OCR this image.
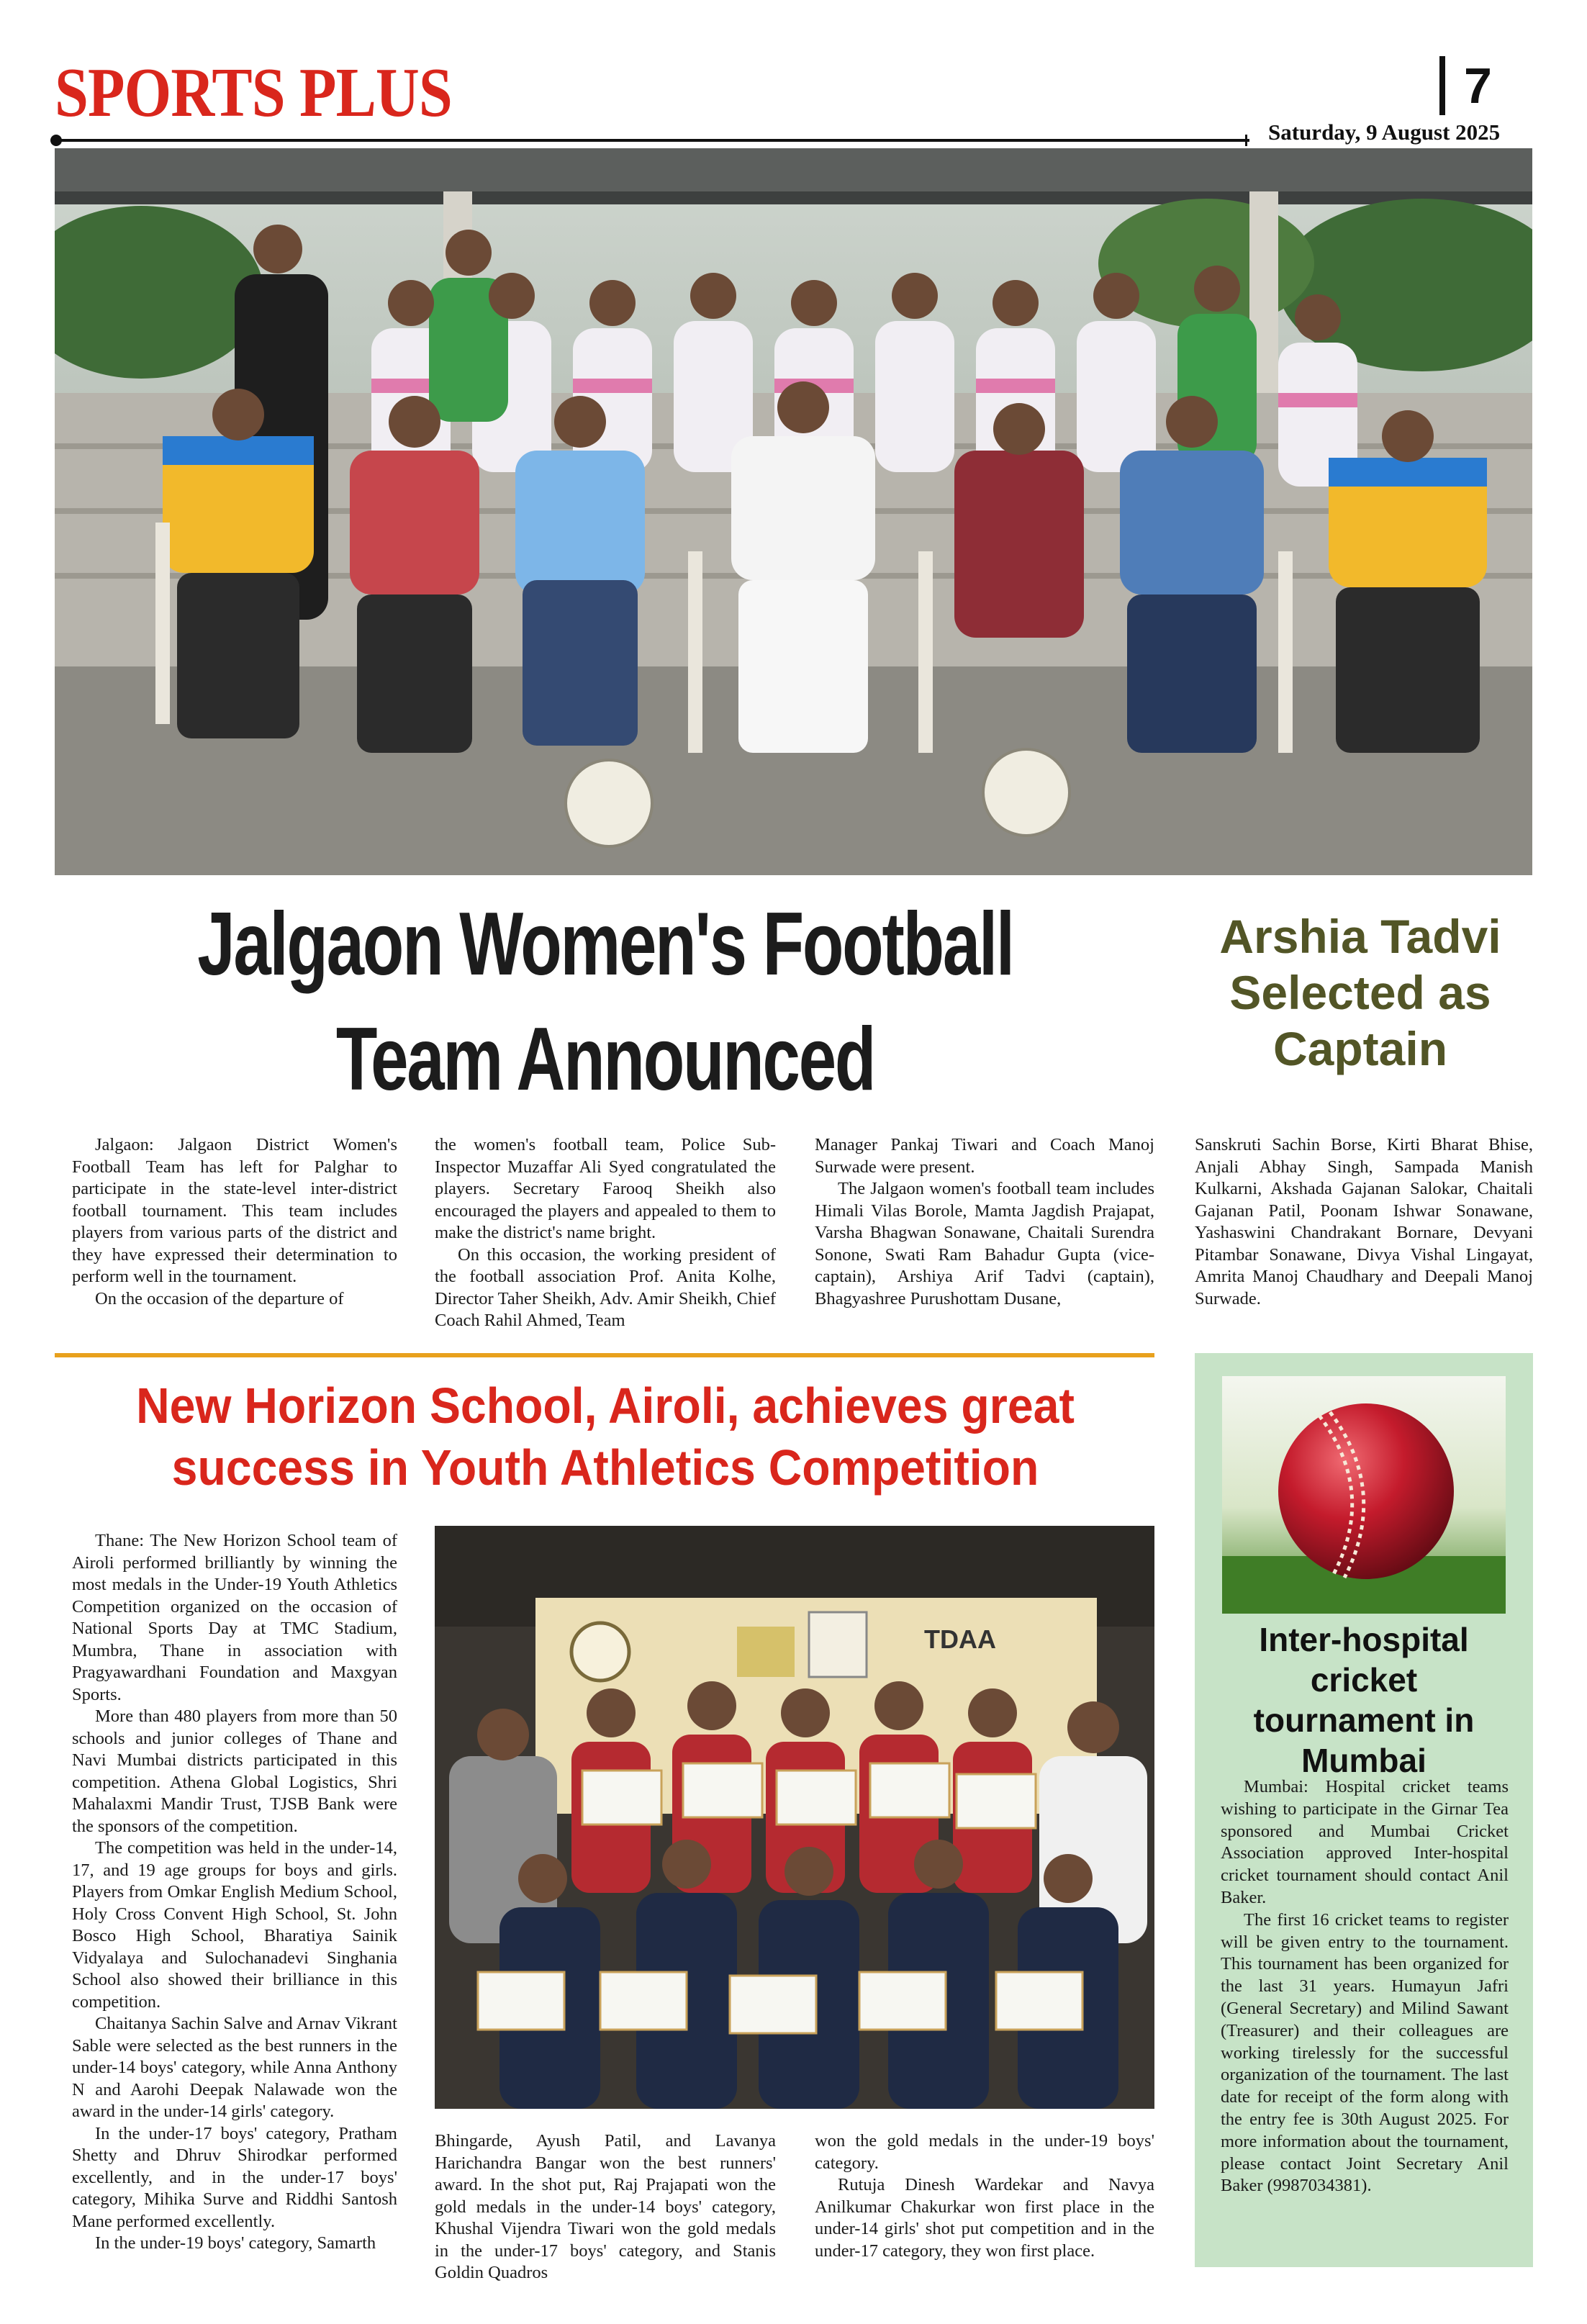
SPORTS PLUS	7
Saturday, 9 August 2025
Jalgaon Women's Football
Team Announced
Arshia Tadvi
Selected as
Captain

Jalgaon: Jalgaon District Women's Football Team has left for Palghar to participate in the state-level inter-district football tournament. This team includes players from various parts of the district and they have expressed their determination to perform well in the tournament.

On the occasion of the departure of

the women's football team, Police Sub-Inspector Muzaffar Ali Syed congratulated the players. Secretary Farooq Sheikh also encouraged the players and appealed to them to make the district's name bright.

On this occasion, the working president of the football association Prof. Anita Kolhe, Director Taher Sheikh, Adv. Amir Sheikh, Chief Coach Rahil Ahmed, Team

Manager Pankaj Tiwari and Coach Manoj Surwade were present.

The Jalgaon women's football team includes Himali Vilas Borole, Mamta Jagdish Prajapat, Varsha Bhagwan Sonawane, Chaitali Surendra Sonone, Swati Ram Bahadur Gupta (vice-captain), Arshiya Arif Tadvi (captain), Bhagyashree Purushottam Dusane,

Sanskruti Sachin Borse, Kirti Bharat Bhise, Anjali Abhay Singh, Sampada Manish Kulkarni, Akshada Gajanan Salokar, Chaitali Gajanan Patil, Poonam Ishwar Sonawane, Yashaswini Chandrakant Bornare, Devyani Pitambar Sonawane, Divya Vishal Lingayat, Amrita Manoj Chaudhary and Deepali Manoj Surwade.

New Horizon School, Airoli, achieves great
success in Youth Athletics Competition

Thane: The New Horizon School team of Airoli performed brilliantly by winning the most medals in the Under-19 Youth Athletics Competition organized on the occasion of National Sports Day at TMC Stadium, Mumbra, Thane in association with Pragyawardhani Foundation and Maxgyan Sports.

More than 480 players from more than 50 schools and junior colleges of Thane and Navi Mumbai districts participated in this competition. Athena Global Logistics, Shri Mahalaxmi Mandir Trust, TJSB Bank were the sponsors of the competition.

The competition was held in the under-14, 17, and 19 age groups for boys and girls. Players from Omkar English Medium School, Holy Cross Convent High School, St. John Bosco High School, Bharatiya Sainik Vidyalaya and Sulochanadevi Singhania School also showed their brilliance in this competition.

Chaitanya Sachin Salve and Arnav Vikrant Sable were selected as the best runners in the under-14 boys' category, while Anna Anthony N and Aarohi Deepak Nalawade won the award in the under-14 girls' category.

In the under-17 boys' category, Pratham Shetty and Dhruv Shirodkar performed excellently, and in the under-17 boys' category, Mihika Surve and Riddhi Santosh Mane performed excellently.

In the under-19 boys' category, Samarth

TDAA

Bhingarde, Ayush Patil, and Lavanya Harichandra Bangar won the best runners' award. In the shot put, Raj Prajapati won the gold medals in the under-14 boys' category, Khushal Vijendra Tiwari won the gold medals in the under-17 boys' category, and Stanis Goldin Quadros

won the gold medals in the under-19 boys' category.

Rutuja Dinesh Wardekar and Navya Anilkumar Chakurkar won first place in the under-14 girls' shot put competition and in the under-17 category, they won first place.

Inter-hospital
cricket
tournament in
Mumbai

Mumbai: Hospital cricket teams wishing to participate in the Girnar Tea sponsored and Mumbai Cricket Association approved Inter-hospital cricket tournament should contact Anil Baker.

The first 16 cricket teams to register will be given entry to the tournament. This tournament has been organized for the last 31 years. Humayun Jafri (General Secretary) and Milind Sawant (Treasurer) and their colleagues are working tirelessly for the successful organization of the tournament. The last date for receipt of the form along with the entry fee is 30th August 2025. For more information about the tournament, please contact Joint Secretary Anil Baker (9987034381).
